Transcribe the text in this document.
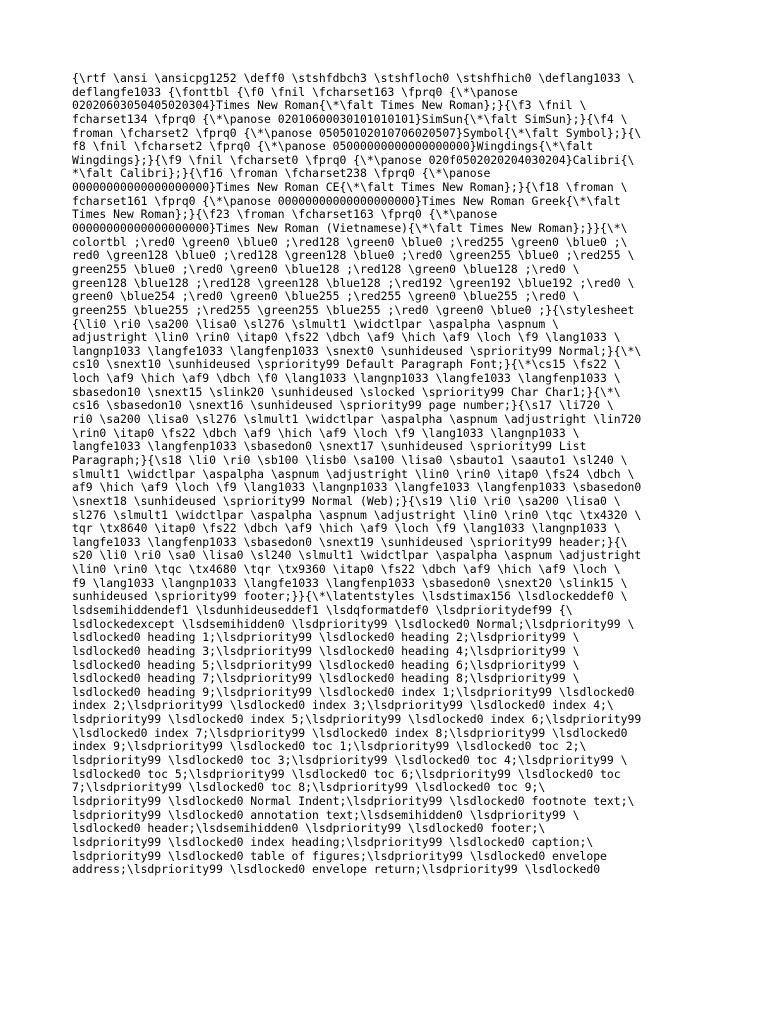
{\rtf \ansi \ansicpg1252 \deff0 \stshfdbch3 \stshfloch0 \stshfhich0 \deflang1033 \
deflangfe1033 {\fonttbl {\f0 \fnil \fcharset163 \fprq0 {\*\panose
02020603050405020304}Times New Roman{\*\falt Times New Roman};}{\f3 \fnil \
fcharset134 \fprq0 {\*\panose 02010600030101010101}SimSun{\*\falt SimSun};}{\f4 \
froman \fcharset2 \fprq0 {\*\panose 05050102010706020507}Symbol{\*\falt Symbol};}{\
f8 \fnil \fcharset2 \fprq0 {\*\panose 05000000000000000000}Wingdings{\*\falt
Wingdings};}{\f9 \fnil \fcharset0 \fprq0 {\*\panose 020f0502020204030204}Calibri{\
*\falt Calibri};}{\f16 \froman \fcharset238 \fprq0 {\*\panose
00000000000000000000}Times New Roman CE{\*\falt Times New Roman};}{\f18 \froman \
fcharset161 \fprq0 {\*\panose 00000000000000000000}Times New Roman Greek{\*\falt
Times New Roman};}{\f23 \froman \fcharset163 \fprq0 {\*\panose
00000000000000000000}Times New Roman (Vietnamese){\*\falt Times New Roman};}}{\*\
colortbl ;\red0 \green0 \blue0 ;\red128 \green0 \blue0 ;\red255 \green0 \blue0 ;\
red0 \green128 \blue0 ;\red128 \green128 \blue0 ;\red0 \green255 \blue0 ;\red255 \
green255 \blue0 ;\red0 \green0 \blue128 ;\red128 \green0 \blue128 ;\red0 \
green128 \blue128 ;\red128 \green128 \blue128 ;\red192 \green192 \blue192 ;\red0 \
green0 \blue254 ;\red0 \green0 \blue255 ;\red255 \green0 \blue255 ;\red0 \
green255 \blue255 ;\red255 \green255 \blue255 ;\red0 \green0 \blue0 ;}{\stylesheet
{\li0 \ri0 \sa200 \lisa0 \sl276 \slmult1 \widctlpar \aspalpha \aspnum \
adjustright \lin0 \rin0 \itap0 \fs22 \dbch \af9 \hich \af9 \loch \f9 \lang1033 \
langnp1033 \langfe1033 \langfenp1033 \snext0 \sunhideused \spriority99 Normal;}{\*\
cs10 \snext10 \sunhideused \spriority99 Default Paragraph Font;}{\*\cs15 \fs22 \
loch \af9 \hich \af9 \dbch \f0 \lang1033 \langnp1033 \langfe1033 \langfenp1033 \
sbasedon10 \snext15 \slink20 \sunhideused \slocked \spriority99 Char Char1;}{\*\
cs16 \sbasedon10 \snext16 \sunhideused \spriority99 page number;}{\s17 \li720 \
ri0 \sa200 \lisa0 \sl276 \slmult1 \widctlpar \aspalpha \aspnum \adjustright \lin720
\rin0 \itap0 \fs22 \dbch \af9 \hich \af9 \loch \f9 \lang1033 \langnp1033 \
langfe1033 \langfenp1033 \sbasedon0 \snext17 \sunhideused \spriority99 List
Paragraph;}{\s18 \li0 \ri0 \sb100 \lisb0 \sa100 \lisa0 \sbauto1 \saauto1 \sl240 \
slmult1 \widctlpar \aspalpha \aspnum \adjustright \lin0 \rin0 \itap0 \fs24 \dbch \
af9 \hich \af9 \loch \f9 \lang1033 \langnp1033 \langfe1033 \langfenp1033 \sbasedon0
\snext18 \sunhideused \spriority99 Normal (Web);}{\s19 \li0 \ri0 \sa200 \lisa0 \
sl276 \slmult1 \widctlpar \aspalpha \aspnum \adjustright \lin0 \rin0 \tqc \tx4320 \
tqr \tx8640 \itap0 \fs22 \dbch \af9 \hich \af9 \loch \f9 \lang1033 \langnp1033 \
langfe1033 \langfenp1033 \sbasedon0 \snext19 \sunhideused \spriority99 header;}{\
s20 \li0 \ri0 \sa0 \lisa0 \sl240 \slmult1 \widctlpar \aspalpha \aspnum \adjustright
\lin0 \rin0 \tqc \tx4680 \tqr \tx9360 \itap0 \fs22 \dbch \af9 \hich \af9 \loch \
f9 \lang1033 \langnp1033 \langfe1033 \langfenp1033 \sbasedon0 \snext20 \slink15 \
sunhideused \spriority99 footer;}}{\*\latentstyles \lsdstimax156 \lsdlockeddef0 \
lsdsemihiddendef1 \lsdunhideuseddef1 \lsdqformatdef0 \lsdprioritydef99 {\
lsdlockedexcept \lsdsemihidden0 \lsdpriority99 \lsdlocked0 Normal;\lsdpriority99 \
lsdlocked0 heading 1;\lsdpriority99 \lsdlocked0 heading 2;\lsdpriority99 \
lsdlocked0 heading 3;\lsdpriority99 \lsdlocked0 heading 4;\lsdpriority99 \
lsdlocked0 heading 5;\lsdpriority99 \lsdlocked0 heading 6;\lsdpriority99 \
lsdlocked0 heading 7;\lsdpriority99 \lsdlocked0 heading 8;\lsdpriority99 \
lsdlocked0 heading 9;\lsdpriority99 \lsdlocked0 index 1;\lsdpriority99 \lsdlocked0
index 2;\lsdpriority99 \lsdlocked0 index 3;\lsdpriority99 \lsdlocked0 index 4;\
lsdpriority99 \lsdlocked0 index 5;\lsdpriority99 \lsdlocked0 index 6;\lsdpriority99
\lsdlocked0 index 7;\lsdpriority99 \lsdlocked0 index 8;\lsdpriority99 \lsdlocked0
index 9;\lsdpriority99 \lsdlocked0 toc 1;\lsdpriority99 \lsdlocked0 toc 2;\
lsdpriority99 \lsdlocked0 toc 3;\lsdpriority99 \lsdlocked0 toc 4;\lsdpriority99 \
lsdlocked0 toc 5;\lsdpriority99 \lsdlocked0 toc 6;\lsdpriority99 \lsdlocked0 toc
7;\lsdpriority99 \lsdlocked0 toc 8;\lsdpriority99 \lsdlocked0 toc 9;\
lsdpriority99 \lsdlocked0 Normal Indent;\lsdpriority99 \lsdlocked0 footnote text;\
lsdpriority99 \lsdlocked0 annotation text;\lsdsemihidden0 \lsdpriority99 \
lsdlocked0 header;\lsdsemihidden0 \lsdpriority99 \lsdlocked0 footer;\
lsdpriority99 \lsdlocked0 index heading;\lsdpriority99 \lsdlocked0 caption;\
lsdpriority99 \lsdlocked0 table of figures;\lsdpriority99 \lsdlocked0 envelope
address;\lsdpriority99 \lsdlocked0 envelope return;\lsdpriority99 \lsdlocked0
